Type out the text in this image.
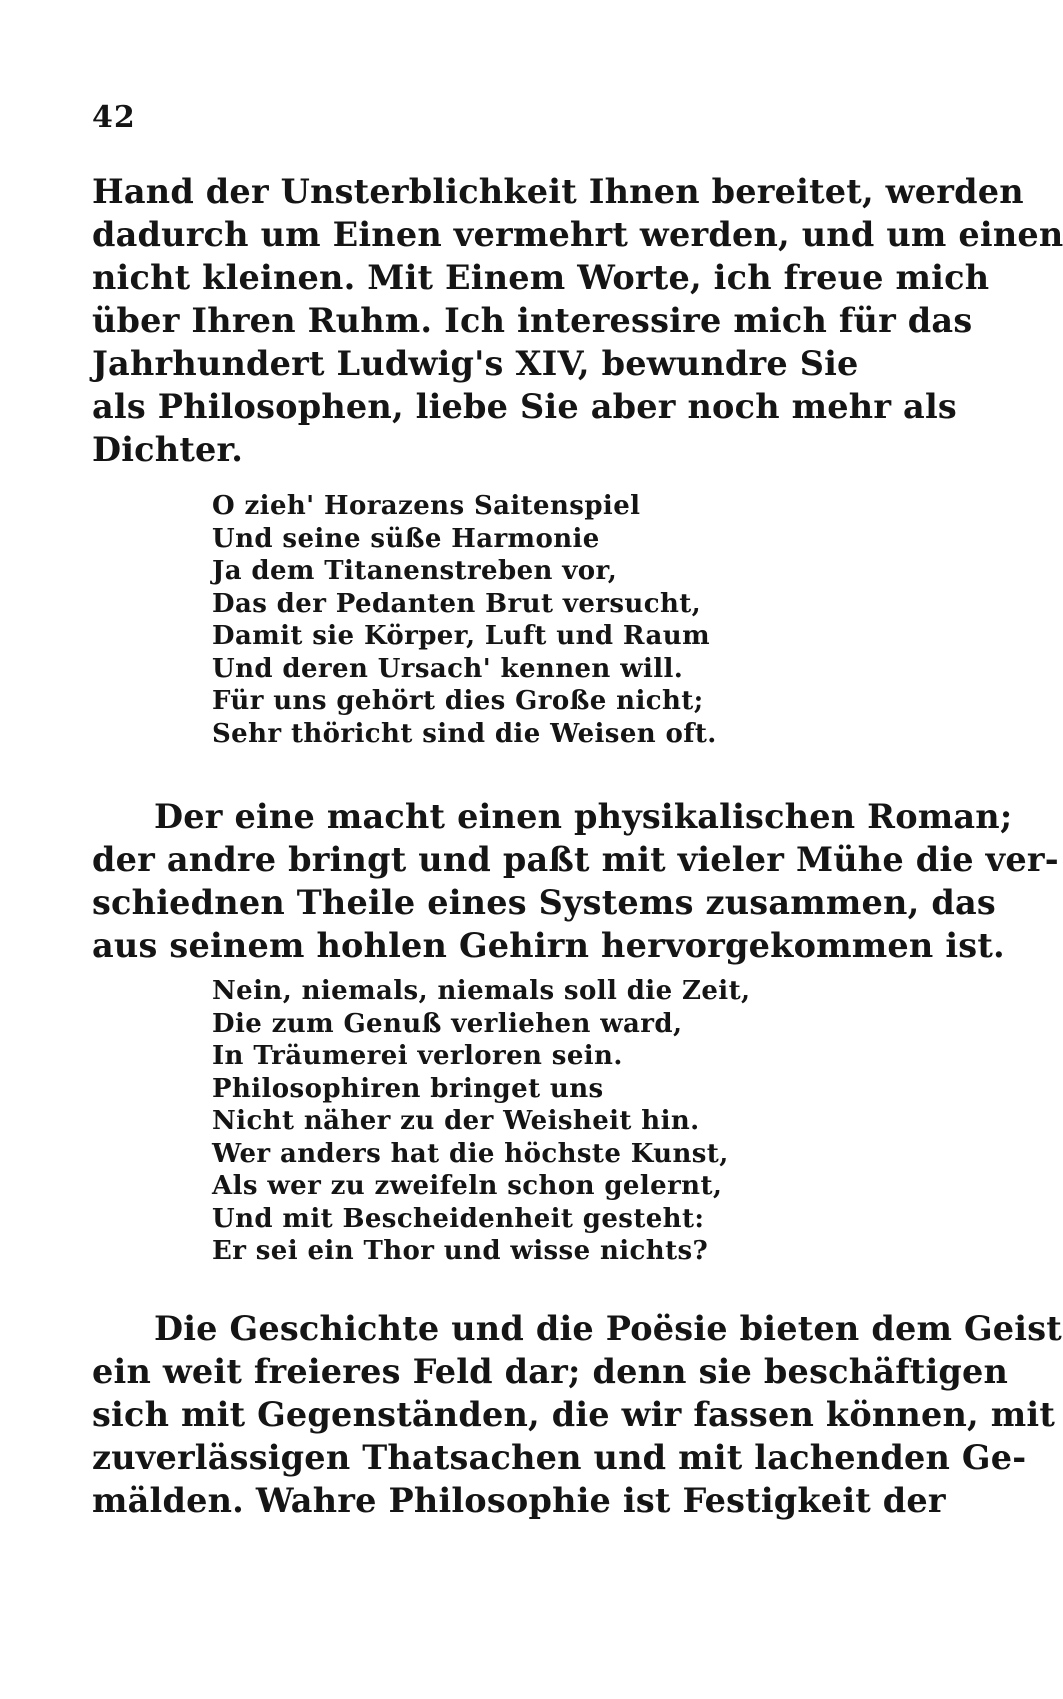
42
Hand der Unsterblichkeit Ihnen bereitet, werden
dadurch um Einen vermehrt werden, und um einen
nicht kleinen. Mit Einem Worte, ich freue mich
über Ihren Ruhm. Ich interessire mich für das
Jahrhundert Ludwig's XIV, bewundre Sie
als Philosophen, liebe Sie aber noch mehr als
Dichter.
O zieh' Horazens Saitenspiel
Und seine süße Harmonie
Ja dem Titanenstreben vor,
Das der Pedanten Brut versucht,
Damit sie Körper, Luft und Raum
Und deren Ursach' kennen will.
Für uns gehört dies Große nicht;
Sehr thöricht sind die Weisen oft.
Der eine macht einen physikalischen Roman;
der andre bringt und paßt mit vieler Mühe die ver-
schiednen Theile eines Systems zusammen, das
aus seinem hohlen Gehirn hervorgekommen ist.
Nein, niemals, niemals soll die Zeit,
Die zum Genuß verliehen ward,
In Träumerei verloren sein.
Philosophiren bringet uns
Nicht näher zu der Weisheit hin.
Wer anders hat die höchste Kunst,
Als wer zu zweifeln schon gelernt,
Und mit Bescheidenheit gesteht:
Er sei ein Thor und wisse nichts?
Die Geschichte und die Poësie bieten dem Geist
ein weit freieres Feld dar; denn sie beschäftigen
sich mit Gegenständen, die wir fassen können, mit
zuverlässigen Thatsachen und mit lachenden Ge-
mälden. Wahre Philosophie ist Festigkeit der
